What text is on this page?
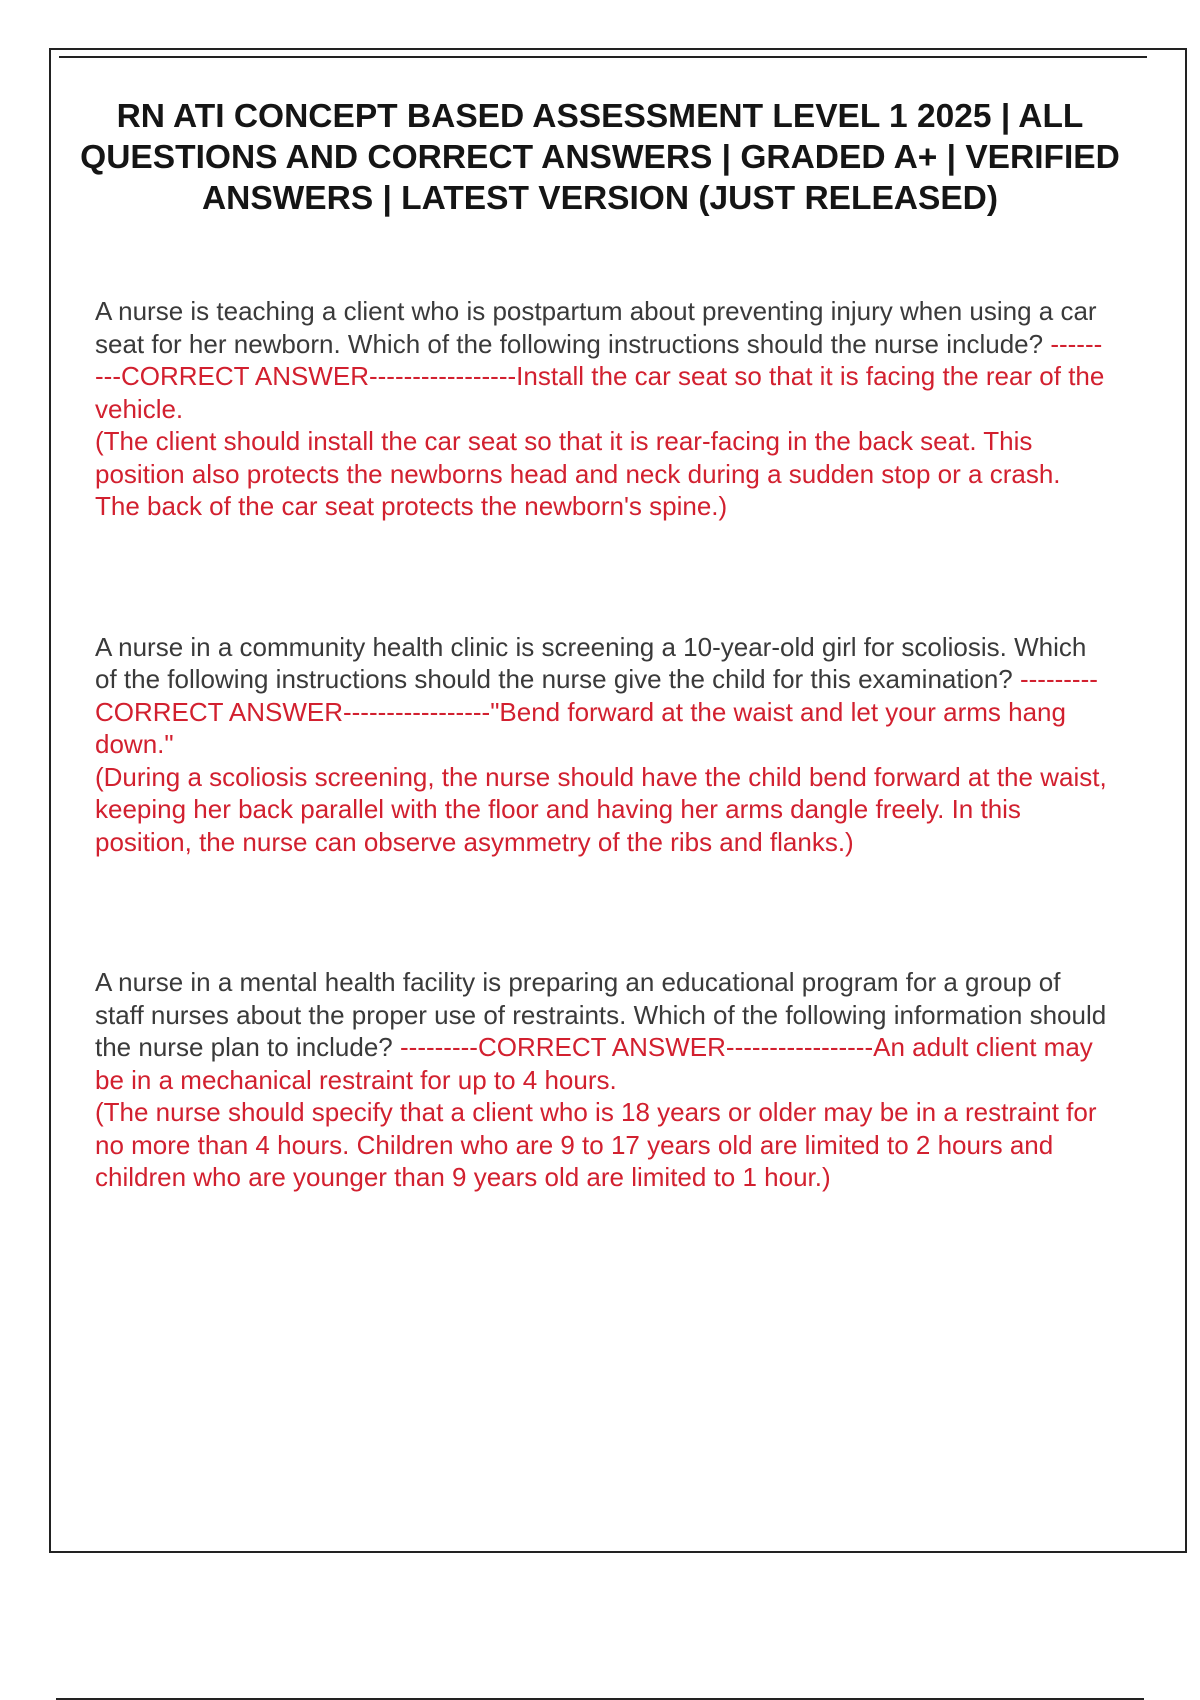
RN ATI CONCEPT BASED ASSESSMENT LEVEL 1 2025 | ALL QUESTIONS AND CORRECT ANSWERS | GRADED A+ | VERIFIED ANSWERS | LATEST VERSION (JUST RELEASED)

A nurse is teaching a client who is postpartum about preventing injury when using a car seat for her newborn. Which of the following instructions should the nurse include? ---------CORRECT ANSWER-----------------Install the car seat so that it is facing the rear of the vehicle.

(The client should install the car seat so that it is rear-facing in the back seat. This position also protects the newborns head and neck during a sudden stop or a crash. The back of the car seat protects the newborn's spine.)

A nurse in a community health clinic is screening a 10-year-old girl for scoliosis. Which of the following instructions should the nurse give the child for this examination? ---------CORRECT ANSWER-----------------"Bend forward at the waist and let your arms hang down."

(During a scoliosis screening, the nurse should have the child bend forward at the waist, keeping her back parallel with the floor and having her arms dangle freely. In this position, the nurse can observe asymmetry of the ribs and flanks.)

A nurse in a mental health facility is preparing an educational program for a group of staff nurses about the proper use of restraints. Which of the following information should the nurse plan to include? ---------CORRECT ANSWER-----------------An adult client may be in a mechanical restraint for up to 4 hours.

(The nurse should specify that a client who is 18 years or older may be in a restraint for no more than 4 hours. Children who are 9 to 17 years old are limited to 2 hours and children who are younger than 9 years old are limited to 1 hour.)
